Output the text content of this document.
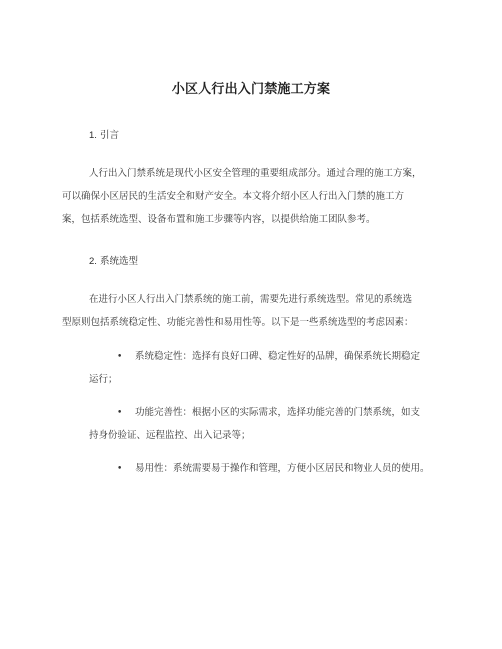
小区人行出入门禁施工方案
1. 引言
人行出入门禁系统是现代小区安全管理的重要组成部分。通过合理的施工方案，
可以确保小区居民的生活安全和财产安全。本文将介绍小区人行出入门禁的施工方
案，包括系统选型、设备布置和施工步骤等内容，以提供给施工团队参考。
2. 系统选型
在进行小区人行出入门禁系统的施工前，需要先进行系统选型。常见的系统选
型原则包括系统稳定性、功能完善性和易用性等。以下是一些系统选型的考虑因素：
• 系统稳定性：选择有良好口碑、稳定性好的品牌，确保系统长期稳定
运行；
• 功能完善性：根据小区的实际需求，选择功能完善的门禁系统，如支
持身份验证、远程监控、出入记录等；
• 易用性：系统需要易于操作和管理，方便小区居民和物业人员的使用。
